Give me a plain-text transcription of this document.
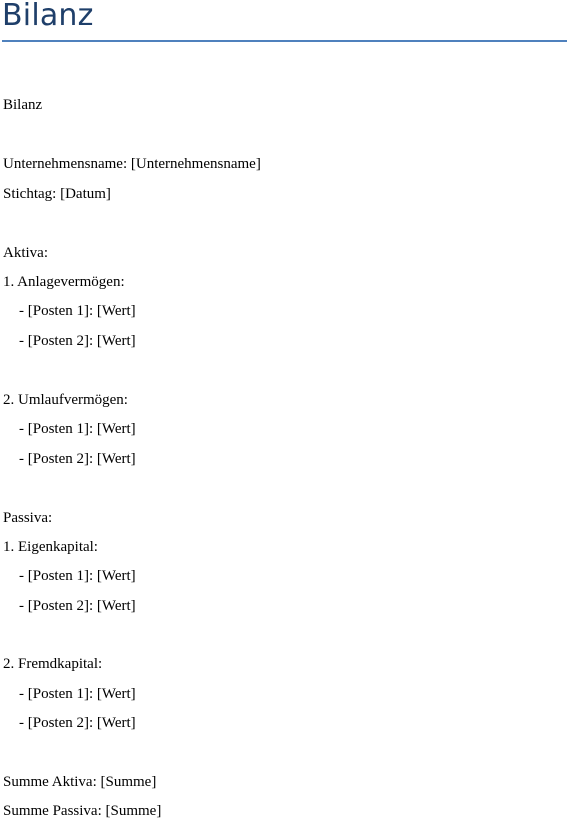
Bilanz
Bilanz
Unternehmensname: [Unternehmensname]
Stichtag: [Datum]
Aktiva:
1. Anlagevermögen:
- [Posten 1]: [Wert]
- [Posten 2]: [Wert]
2. Umlaufvermögen:
- [Posten 1]: [Wert]
- [Posten 2]: [Wert]
Passiva:
1. Eigenkapital:
- [Posten 1]: [Wert]
- [Posten 2]: [Wert]
2. Fremdkapital:
- [Posten 1]: [Wert]
- [Posten 2]: [Wert]
Summe Aktiva: [Summe]
Summe Passiva: [Summe]
